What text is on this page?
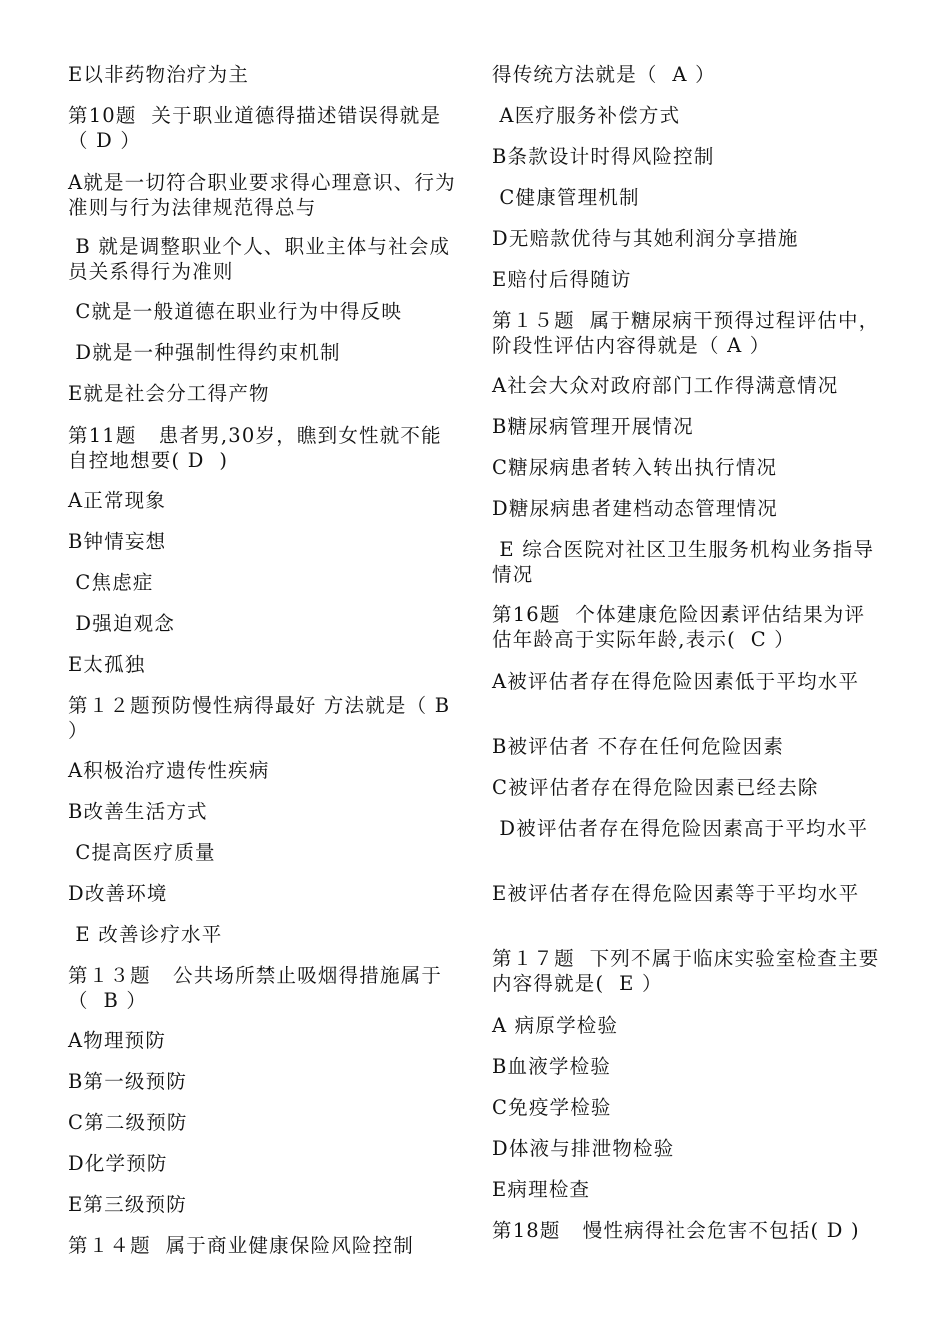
E以非药物治疗为主
第10题  关于职业道德得描述错误得就是（ D ）
A就是一切符合职业要求得心理意识、行为准则与行为法律规范得总与
B 就是调整职业个人、职业主体与社会成员关系得行为准则
C就是一般道德在职业行为中得反映
D就是一种强制性得约束机制
E就是社会分工得产物
第11题   患者男,30岁，瞧到女性就不能自控地想要( D  )
A正常现象
B钟情妄想
C焦虑症
D强迫观念
E太孤独
第１２题预防慢性病得最好 方法就是（ B ）
A积极治疗遗传性疾病
B改善生活方式
C提高医疗质量
D改善环境
E 改善诊疗水平
第１３题   公共场所禁止吸烟得措施属于（  B ）
A物理预防
B第一级预防
C第二级预防
D化学预防
E第三级预防
第１４题  属于商业健康保险风险控制
得传统方法就是（  A ）
A医疗服务补偿方式
B条款设计时得风险控制
C健康管理机制
D无赔款优待与其她利润分享措施
E赔付后得随访
第１５题  属于糖尿病干预得过程评估中，阶段性评估内容得就是（ A ）
A社会大众对政府部门工作得满意情况
B糖尿病管理开展情况
C糖尿病患者转入转出执行情况
D糖尿病患者建档动态管理情况
E 综合医院对社区卫生服务机构业务指导情况
第16题  个体建康危险因素评估结果为评估年龄高于实际年龄,表示(  C ）
A被评估者存在得危险因素低于平均水平
B被评估者 不存在任何危险因素
C被评估者存在得危险因素已经去除
D被评估者存在得危险因素高于平均水平
E被评估者存在得危险因素等于平均水平
第１７题  下列不属于临床实验室检查主要内容得就是(  E ）
A 病原学检验
B血液学检验
C免疫学检验
D体液与排泄物检验
E病理检查
第18题   慢性病得社会危害不包括( D )
